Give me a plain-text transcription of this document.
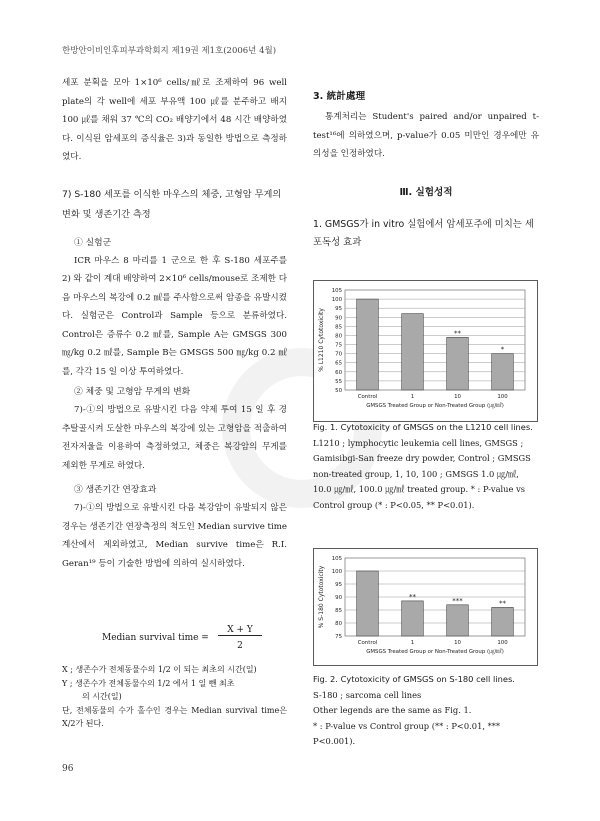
한방안이비인후피부과학회지 제19권 제1호(2006년 4월)

세포 분획을 모아 1×10⁶ cells/㎖로 조제하여 96 well plate의 각 well에 세포 부유액 100 ㎕를 분주하고 배지 100 ㎕를 채워 37 ℃의 CO₂ 배양기에서 48 시간 배양하였다. 이식된 암세포의 증식율은 3)과 동일한 방법으로 측정하였다.

7) S-180 세포를 이식한 마우스의 체중, 고형암 무게의 변화 및 생존기간 측정
① 실험군

ICR 마우스 8 마리를 1 군으로 한 후 S-180 세포주를 2) 와 같이 계대 배양하여 2×10⁶ cells/mouse로 조제한 다음 마우스의 복강에 0.2 ㎖를 주사함으로써 암종을 유발시켰다. 실험군은 Control과 Sample 등으로 분류하였다. Control은 증류수 0.2 ㎖를, Sample A는 GMSGS 300 ㎎/kg 0.2 ㎖를, Sample B는 GMSGS 500 ㎎/kg 0.2 ㎖를, 각각 15 일 이상 투여하였다.

② 체중 및 고형암 무게의 변화

7)-①의 방법으로 유발시킨 다음 약제 투여 15 일 후 경추탈골시켜 도살한 마우스의 복강에 있는 고형암을 적출하여 전자저울을 이용하여 측정하였고, 체중은 복강암의 무게를 제외한 무게로 하였다.

③ 생존기간 연장효과

7)-①의 방법으로 유발시킨 다음 복강암이 유발되지 않은 경우는 생존기간 연장측정의 척도인 Median survive time 계산에서 제외하였고, Median survive time은 R.I. Geran¹⁹ 등이 기술한 방법에 의하여 실시하였다.

Median survival time =
X + Y
2
X ; 생존수가 전체동물수의 1/2 이 되는 최초의 시간(일)
Y ; 생존수가 전체동물수의 1/2 에서 1 일 뺀 최초
의 시간(일)
단, 전체동물의 수가 홀수인 경우는 Median survival time은 X/2가 된다.
96
3. 統計處理

통계처리는 Student's paired and/or unpaired t-test¹⁶에 의하였으며, p-value가 0.05 미만인 경우에만 유의성을 인정하였다.

Ⅲ. 실험성적
1. GMSGS가 in vitro 실험에서 암세포주에 미치는 세포독성 효과
50
55
60
65
70
75
80
85
90
95
100
105
% L1210 Cytotoxicity
Control	1	10
**
100
*
GMSGS Treated Group or Non-Treated Group (㎍/㎖)
Fig. 1. Cytotoxicity of GMSGS on the L1210 cell lines.
L1210 ; lymphocytic leukemia cell lines, GMSGS ; Gamisibgi-San freeze dry powder, Control ; GMSGS non-treated group, 1, 10, 100 ; GMSGS 1.0 ㎍/㎖, 10.0 ㎍/㎖, 100.0 ㎍/㎖ treated group. * : P-value vs Control group (* : P<0.05, ** P<0.01).
75
80
85
90
95
100
105
% S-180 Cytotoxicity
Control	1
**
10
***
100
**
GMSGS Treated Group or Non-Treated Group (㎍/㎖)
Fig. 2. Cytotoxicity of GMSGS on S-180 cell lines.
S-180 ; sarcoma cell lines
Other legends are the same as Fig. 1.
* : P-value vs Control group (** : P<0.01, *** P<0.001).
